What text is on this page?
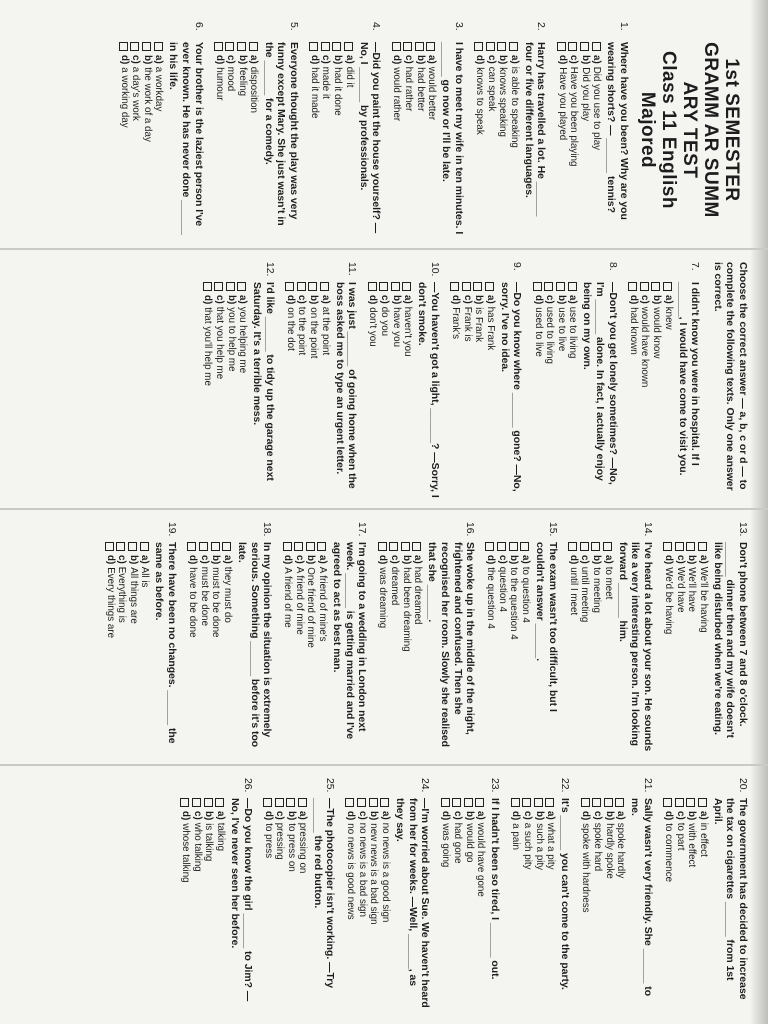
1st SEMESTER
GRAMM AR SUMM ARY TEST
Class 11 English Majored
1.
Where have you been? Why are you wearing shorts? — ______ tennis?
a)
Did you use to play
b)
Did you play
c)
Have you been playing
d)
Have you played
2.
Harry has travelled a lot. He ______ four or five different languages.
a)
is able to speaking
b)
knows speaking
c)
can speak
d)
knows to speak
3.
I have to meet my wife in ten minutes. I ______ go now or I'll be late.
a)
would better
b)
had better
c)
had rather
d)
would rather
4.
—Did you paint the house yourself? —No, I ______ by professionals.
a)
did it
b)
had it done
c)
made it
d)
had it made
5.
Everyone thought the play was very funny except Mary. She just wasn't in the ______ for a comedy.
a)
disposition
b)
feeling
c)
mood
d)
humour
6.
Your brother is the laziest person I've ever known. He has never done ______ in his life.
a)
a workday
b)
the work of a day
c)
a day's work
d)
a working day
Choose the correct answer — a, b, c or d — to complete the following texts. Only one answer is correct.
7.
I didn't know you were in hospital. If I ______, I would have come to visit you.
a)
knew
b)
would know
c)
would have known
d)
had known
8.
—Don't you get lonely sometimes? —No, I'm ______ alone. In fact, I actually enjoy being on my own.
a)
use to living
b)
use to live
c)
used to living
d)
used to live
9.
—Do you know where ______ gone? —No, sorry. I've no idea.
a)
has Frank
b)
is Frank
c)
Frank is
d)
Frank's
10.
—You haven't got a light, ______? —Sorry, I don't smoke.
a)
haven't you
b)
have you
c)
do you
d)
don't you
11.
I was just ______ of going home when the boss asked me to type an urgent letter.
a)
at the point
b)
on the point
c)
to the point
d)
on the dot
12.
I'd like ______ to tidy up the garage next Saturday. It's a terrible mess.
a)
you helping me
b)
you to help me
c)
that you help me
d)
that you'll help me
13.
Don't phone between 7 and 8 o'clock. ______ dinner then and my wife doesn't like being disturbed when we're eating.
a)
We'll be having
b)
We'll have
c)
We'd have
d)
We'd be having
14.
I've heard a lot about your son. He sounds like a very interesting person. I'm looking forward ______ him.
a)
to meet
b)
to meeting
c)
until meeting
d)
until I meet
15.
The exam wasn't too difficult, but I couldn't answer ______.
a)
to question 4
b)
to the question 4
c)
question 4
d)
the question 4
16.
She woke up in the middle of the night, frightened and confused. Then she recognised her room. Slowly she realised that she ______.
a)
had dreamed
b)
had been dreaming
c)
dreamed
d)
was dreaming
17.
I'm going to a wedding in London next week. ______ is getting married and I've agreed to act as best man.
a)
A friend of mine's
b)
One friend of mine
c)
A friend of mine
d)
A friend of me
18.
In my opinion the situation is extremely serious. Something ______ before it's too late.
a)
they must do
b)
must to be done
c)
must be done
d)
have to be done
19.
There have been no changes. ______ the same as before.
a)
All is
b)
All things are
c)
Everything is
d)
Every things are
20.
The government has decided to increase the tax on cigarettes ______ from 1st April.
a)
in effect
b)
with effect
c)
to part
d)
to commence
21.
Sally wasn't very friendly. She ______ to me.
a)
spoke hardly
b)
hardly spoke
c)
spoke hard
d)
spoke with hardness
22.
It's ______ you can't come to the party.
a)
what a pity
b)
such a pity
c)
a such pity
d)
a pain
23.
If I hadn't been so tired, I ______ out.
a)
would have gone
b)
would go
c)
had gone
d)
was going
24.
—I'm worried about Sue. We haven't heard from her for weeks. —Well, ______, as they say.
a)
no news is a good sign
b)
new news is a bad sign
c)
no news is a bad sign
d)
no news is good news
25.
—The photocopier isn't working. —Try ______ the red button.
a)
pressing on
b)
to press on
c)
pressing
d)
to press
26.
—Do you know the girl ______ to Jim? —No, I've never seen her before.
a)
talking
b)
is talking
c)
who talking
d)
whose talking
